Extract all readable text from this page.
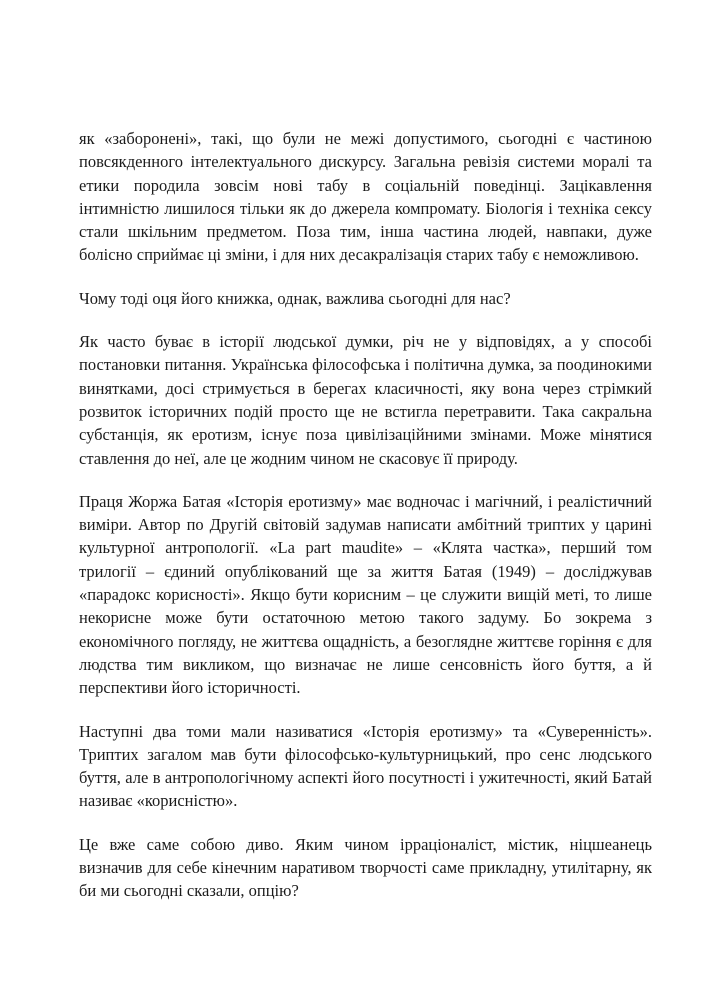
як «заборонені», такі, що були не межі допустимого, сьогодні є частиною повсякденного інтелектуального дискурсу. Загальна ревізія системи моралі та етики породила зовсім нові табу в соціальній поведінці. Зацікавлення інтимністю лишилося тільки як до джерела компромату. Біологія і техніка сексу стали шкільним предметом. Поза тим, інша частина людей, навпаки, дуже болісно сприймає ці зміни, і для них десакралізація старих табу є неможливою.

Чому тоді оця його книжка, однак, важлива сьогодні для нас?

Як часто буває в історії людської думки, річ не у відповідях, а у способі постановки питання. Українська філософська і політична думка, за поодинокими винятками, досі стримується в берегах класичності, яку вона через стрімкий розвиток історичних подій просто ще не встигла перетравити. Така сакральна субстанція, як еротизм, існує поза цивілізаційними змінами. Може мінятися ставлення до неї, але це жодним чином не скасовує її природу.

Праця Жоржа Батая «Історія еротизму» має водночас і магічний, і реалістичний виміри. Автор по Другій світовій задумав написати амбітний триптих у царині культурної антропології. «La part maudite» – «Клята частка», перший том трилогії – єдиний опублікований ще за життя Батая (1949) – досліджував «парадокс корисності». Якщо бути корисним – це служити вищій меті, то лише некорисне може бути остаточною метою такого задуму. Бо зокрема з економічного погляду, не життєва ощадність, а безоглядне життєве горіння є для людства тим викликом, що визначає не лише сенсовність його буття, а й перспективи його історичності.

Наступні два томи мали називатися «Історія еротизму» та «Суверенність». Триптих загалом мав бути філософсько-культурницький, про сенс людського буття, але в антропологічному аспекті його посутності і ужитечності, який Батай називає «корисністю».

Це вже саме собою диво. Яким чином ірраціоналіст, містик, ніцшеанець визначив для себе кінечним наративом творчості саме прикладну, утилітарну, як би ми сьогодні сказали, опцію?
